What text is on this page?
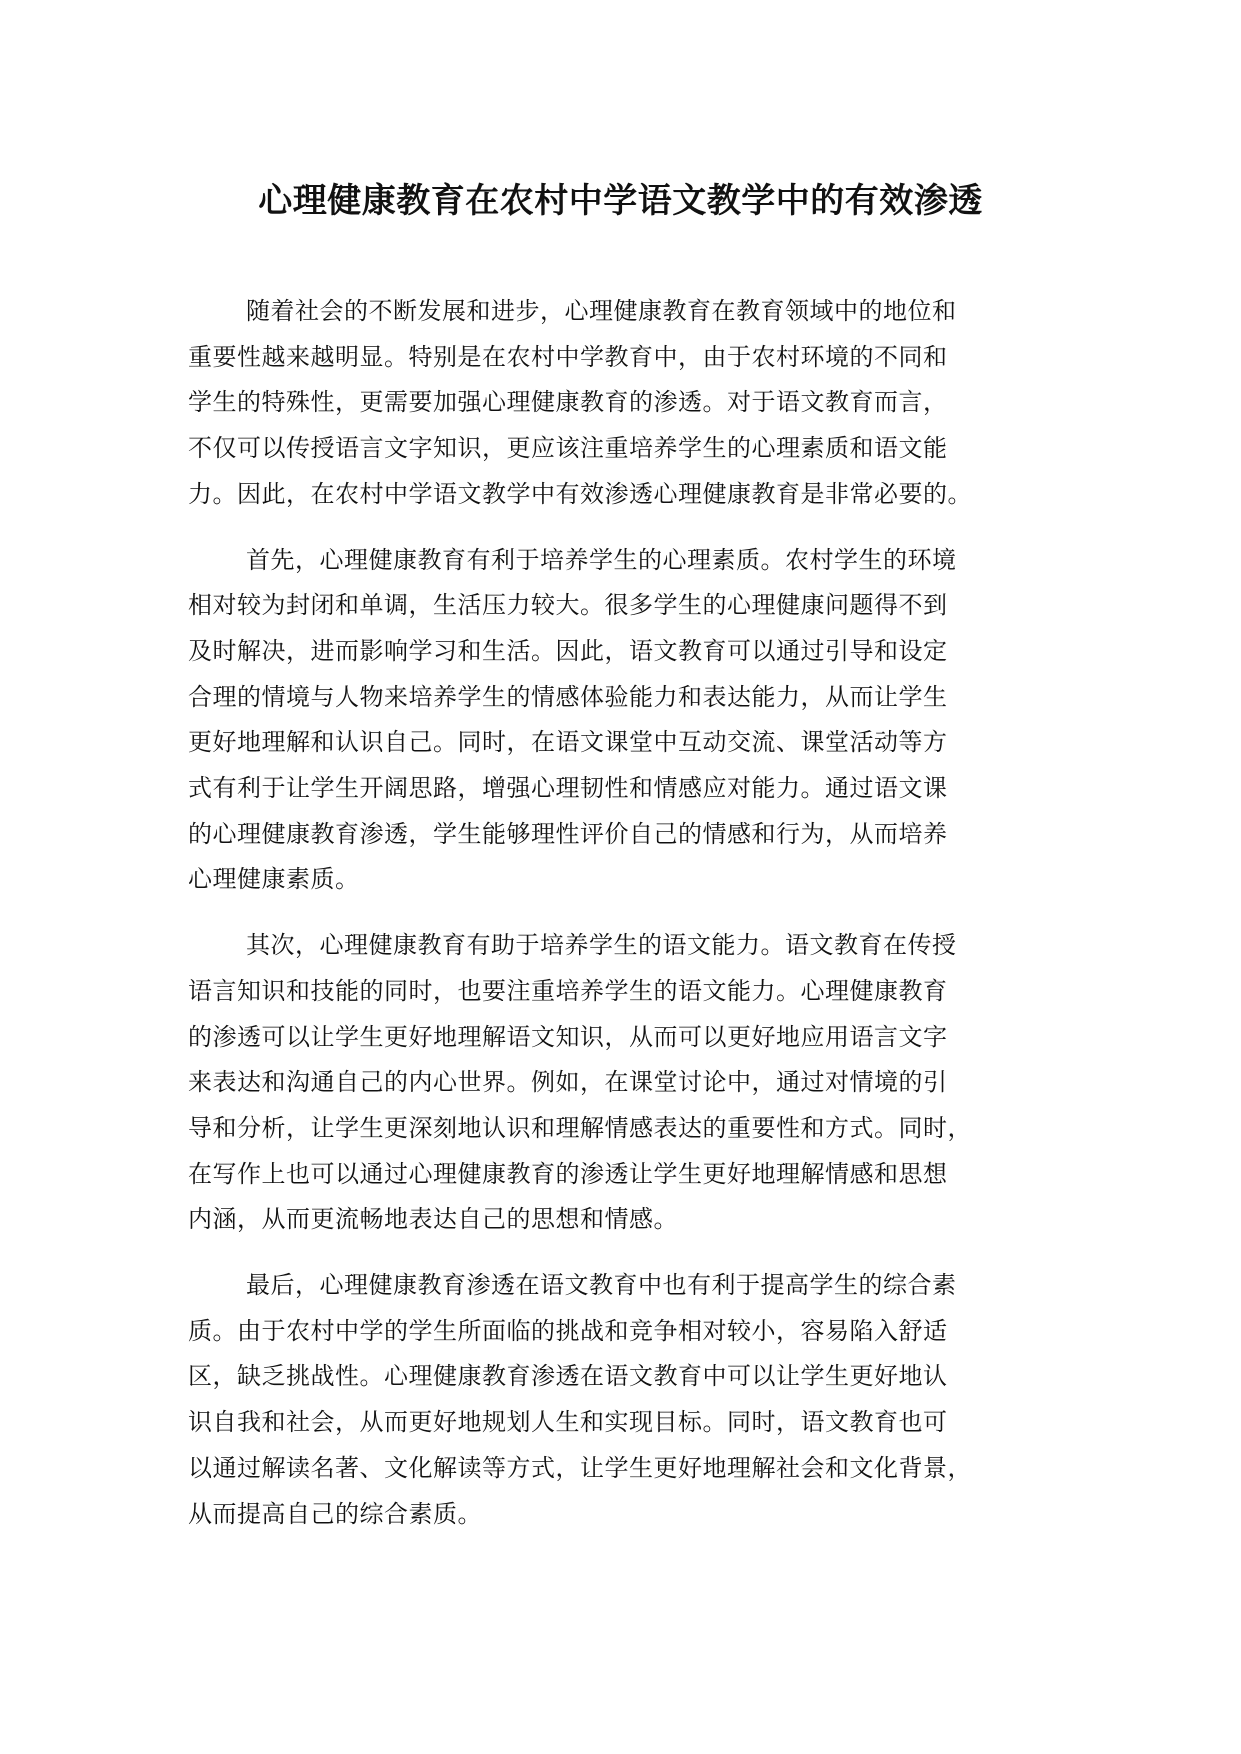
心理健康教育在农村中学语文教学中的有效渗透

随着社会的不断发展和进步，心理健康教育在教育领域中的地位和
重要性越来越明显。特别是在农村中学教育中，由于农村环境的不同和
学生的特殊性，更需要加强心理健康教育的渗透。对于语文教育而言，
不仅可以传授语言文字知识，更应该注重培养学生的心理素质和语文能
力。因此，在农村中学语文教学中有效渗透心理健康教育是非常必要的。

首先，心理健康教育有利于培养学生的心理素质。农村学生的环境
相对较为封闭和单调，生活压力较大。很多学生的心理健康问题得不到
及时解决，进而影响学习和生活。因此，语文教育可以通过引导和设定
合理的情境与人物来培养学生的情感体验能力和表达能力，从而让学生
更好地理解和认识自己。同时，在语文课堂中互动交流、课堂活动等方
式有利于让学生开阔思路，增强心理韧性和情感应对能力。通过语文课
的心理健康教育渗透，学生能够理性评价自己的情感和行为，从而培养
心理健康素质。

其次，心理健康教育有助于培养学生的语文能力。语文教育在传授
语言知识和技能的同时，也要注重培养学生的语文能力。心理健康教育
的渗透可以让学生更好地理解语文知识，从而可以更好地应用语言文字
来表达和沟通自己的内心世界。例如，在课堂讨论中，通过对情境的引
导和分析，让学生更深刻地认识和理解情感表达的重要性和方式。同时，
在写作上也可以通过心理健康教育的渗透让学生更好地理解情感和思想
内涵，从而更流畅地表达自己的思想和情感。

最后，心理健康教育渗透在语文教育中也有利于提高学生的综合素
质。由于农村中学的学生所面临的挑战和竞争相对较小，容易陷入舒适
区，缺乏挑战性。心理健康教育渗透在语文教育中可以让学生更好地认
识自我和社会，从而更好地规划人生和实现目标。同时，语文教育也可
以通过解读名著、文化解读等方式，让学生更好地理解社会和文化背景，
从而提高自己的综合素质。
